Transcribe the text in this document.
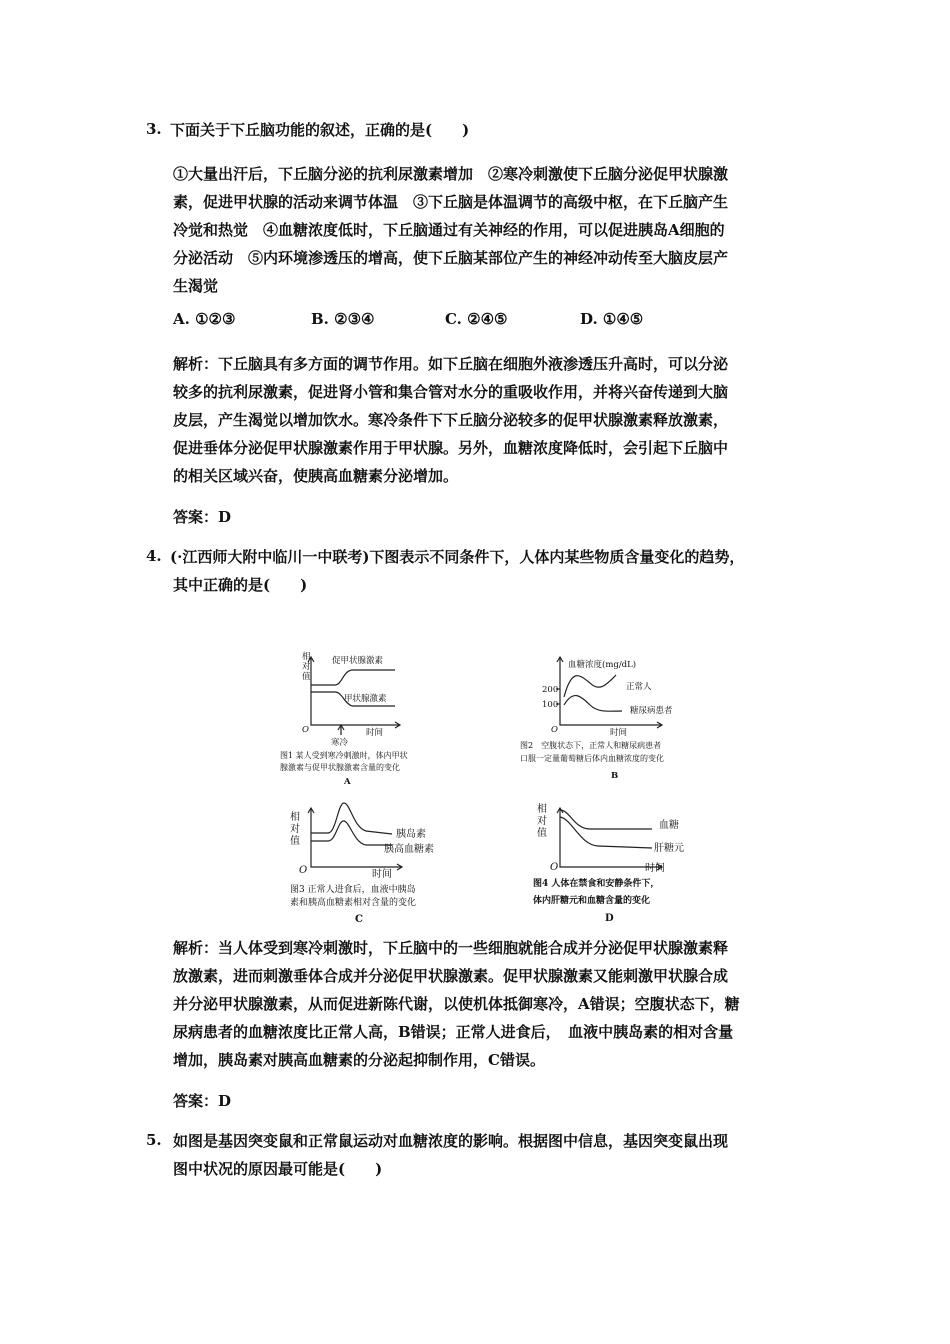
3. 下面关于下丘脑功能的叙述，正确的是(　　)

①大量出汗后，下丘脑分泌的抗利尿激素增加　②寒冷刺激使下丘脑分泌促甲状腺激

素，促进甲状腺的活动来调节体温　③下丘脑是体温调节的高级中枢，在下丘脑产生

冷觉和热觉　④血糖浓度低时，下丘脑通过有关神经的作用，可以促进胰岛A细胞的

分泌活动　⑤内环境渗透压的增高，使下丘脑某部位产生的神经冲动传至大脑皮层产

生渴觉

A. ①②③	B. ②③④	C. ②④⑤	D. ①④⑤

解析：下丘脑具有多方面的调节作用。如下丘脑在细胞外液渗透压升高时，可以分泌

较多的抗利尿激素，促进肾小管和集合管对水分的重吸收作用，并将兴奋传递到大脑

皮层，产生渴觉以增加饮水。寒冷条件下下丘脑分泌较多的促甲状腺激素释放激素，

促进垂体分泌促甲状腺激素作用于甲状腺。另外，血糖浓度降低时，会引起下丘脑中

的相关区域兴奋，使胰高血糖素分泌增加。

答案：D
4. (·江西师大附中临川一中联考)下图表示不同条件下，人体内某些物质含量变化的趋势，

其中正确的是(　　)

相
对
值
促甲状腺激素
甲状腺激素
O	时间
寒冷
图1 某人受到寒冷刺激时，体内甲状
腺激素与促甲状腺激素含量的变化
A
血糖浓度(mg/dL)
200
100
正常人
糖尿病患者
O	时间
图2　空腹状态下，正常人和糖尿病患者
口服一定量葡萄糖后体内血糖浓度的变化
B
相
对
值
胰岛素
胰高血糖素
O	时间
图3 正常人进食后，血液中胰岛
素和胰高血糖素相对含量的变化
C
相
对
值
血糖
肝糖元
O	时间
图4 人体在禁食和安静条件下，
体内肝糖元和血糖含量的变化
D

解析：当人体受到寒冷刺激时，下丘脑中的一些细胞就能合成并分泌促甲状腺激素释

放激素，进而刺激垂体合成并分泌促甲状腺激素。促甲状腺激素又能刺激甲状腺合成

并分泌甲状腺激素，从而促进新陈代谢，以使机体抵御寒冷，A错误；空腹状态下，糖

尿病患者的血糖浓度比正常人高，B错误；正常人进食后，　血液中胰岛素的相对含量

增加，胰岛素对胰高血糖素的分泌起抑制作用，C错误。

答案：D
5. 如图是基因突变鼠和正常鼠运动对血糖浓度的影响。根据图中信息，基因突变鼠出现

图中状况的原因最可能是(　　)
